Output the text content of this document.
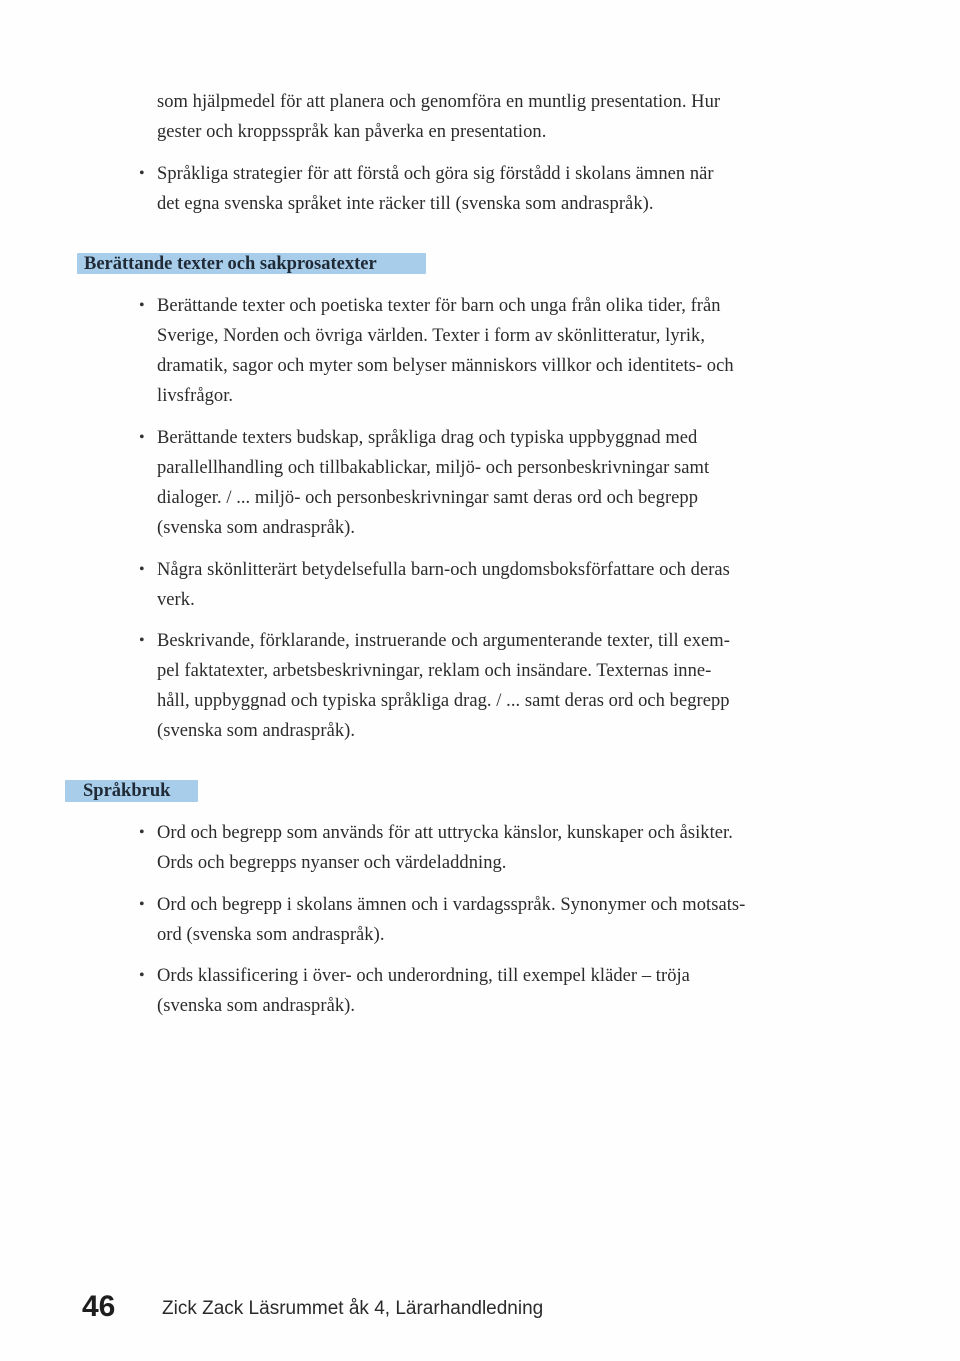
som hjälpmedel för att planera och genomföra en muntlig presentation. Hur
gester och kroppsspråk kan påverka en presentation.
• Språkliga strategier för att förstå och göra sig förstådd i skolans ämnen när
det egna svenska språket inte räcker till (svenska som andraspråk).
Berättande texter och sakprosatexter
• Berättande texter och poetiska texter för barn och unga från olika tider, från
Sverige, Norden och övriga världen. Texter i form av skönlitteratur, lyrik,
dramatik, sagor och myter som belyser människors villkor och identitets- och
livsfrågor.
• Berättande texters budskap, språkliga drag och typiska uppbyggnad med
parallellhandling och tillbakablickar, miljö- och personbeskrivningar samt
dialoger. / ... miljö- och personbeskrivningar samt deras ord och begrepp
(svenska som andraspråk).
• Några skönlitterärt betydelsefulla barn-och ungdomsboksförfattare och deras
verk.
• Beskrivande, förklarande, instruerande och argumenterande texter, till exem-
pel faktatexter, arbetsbeskrivningar, reklam och insändare. Texternas inne-
håll, uppbyggnad och typiska språkliga drag. / ... samt deras ord och begrepp
(svenska som andraspråk).
Språkbruk
• Ord och begrepp som används för att uttrycka känslor, kunskaper och åsikter.
Ords och begrepps nyanser och värdeladdning.
• Ord och begrepp i skolans ämnen och i vardagsspråk. Synonymer och motsats-
ord (svenska som andraspråk).
• Ords klassificering i över- och underordning, till exempel kläder – tröja
(svenska som andraspråk).
46 Zick Zack Läsrummet åk 4, Lärarhandledning
